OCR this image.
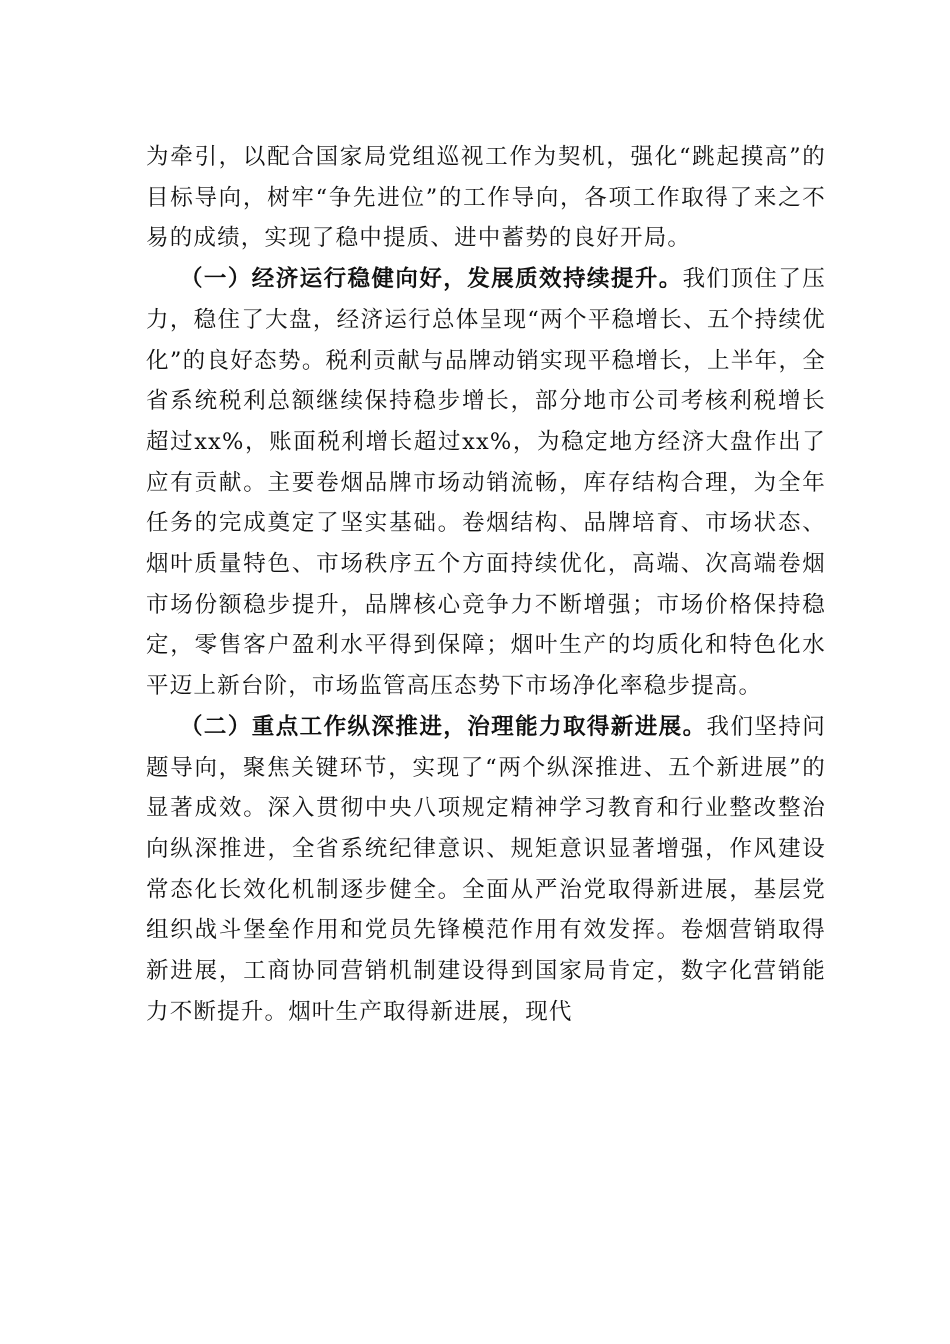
为牵引，以配合国家局党组巡视工作为契机，强化“跳起摸高”的目标导向，树牢“争先进位”的工作导向，各项工作取得了来之不易的成绩，实现了稳中提质、进中蓄势的良好开局。

（一）经济运行稳健向好，发展质效持续提升。我们顶住了压力，稳住了大盘，经济运行总体呈现“两个平稳增长、五个持续优化”的良好态势。税利贡献与品牌动销实现平稳增长，上半年，全省系统税利总额继续保持稳步增长，部分地市公司考核利税增长超过xx%，账面税利增长超过xx%，为稳定地方经济大盘作出了应有贡献。主要卷烟品牌市场动销流畅，库存结构合理，为全年任务的完成奠定了坚实基础。卷烟结构、品牌培育、市场状态、烟叶质量特色、市场秩序五个方面持续优化，高端、次高端卷烟市场份额稳步提升，品牌核心竞争力不断增强；市场价格保持稳定，零售客户盈利水平得到保障；烟叶生产的均质化和特色化水平迈上新台阶，市场监管高压态势下市场净化率稳步提高。

（二）重点工作纵深推进，治理能力取得新进展。我们坚持问题导向，聚焦关键环节，实现了“两个纵深推进、五个新进展”的显著成效。深入贯彻中央八项规定精神学习教育和行业整改整治向纵深推进，全省系统纪律意识、规矩意识显著增强，作风建设常态化长效化机制逐步健全。全面从严治党取得新进展，基层党组织战斗堡垒作用和党员先锋模范作用有效发挥。卷烟营销取得新进展，工商协同营销机制建设得到国家局肯定，数字化营销能力不断提升。烟叶生产取得新进展，现代
